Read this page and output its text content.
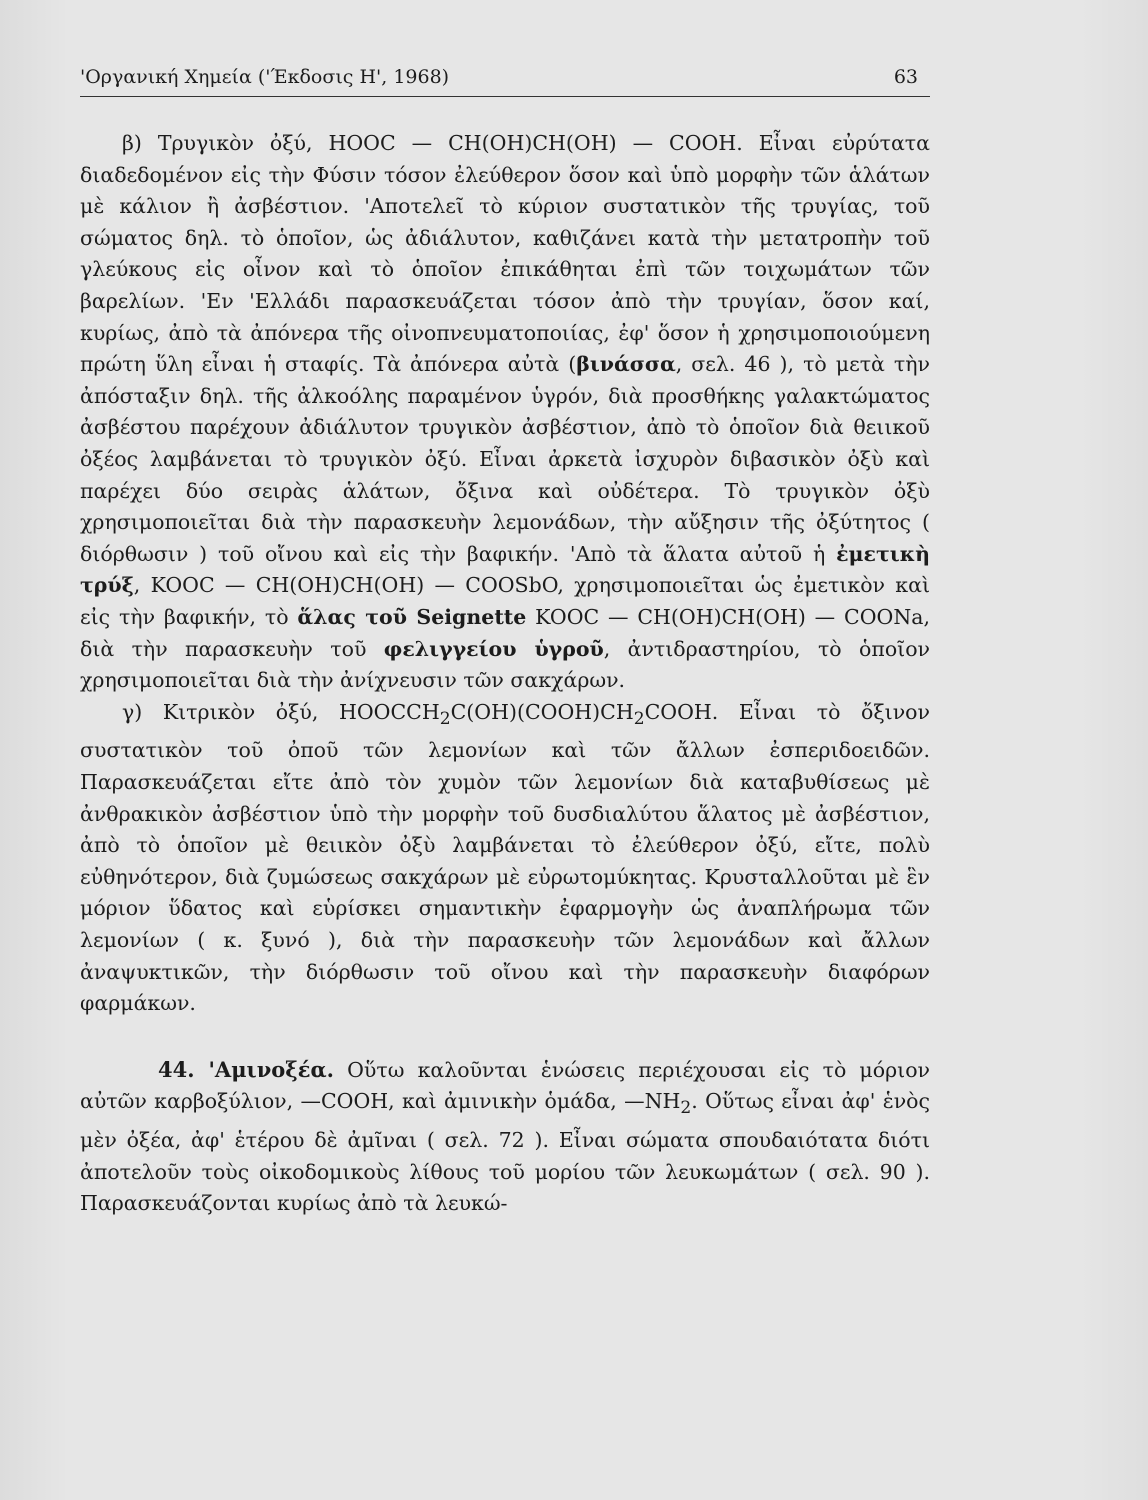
'Οργανική Χημεία ('Έκδοσις Η', 1968)	63

β) Τρυγικὸν ὀξύ, HOOC — CH(OH)CH(OH) — COOH. Εἶναι εὐρύτατα διαδεδομένον εἰς τὴν Φύσιν τόσον ἐλεύθερον ὅσον καὶ ὑπὸ μορφὴν τῶν ἁλάτων μὲ κάλιον ἢ ἀσβέστιον. 'Αποτελεῖ τὸ κύριον συστατικὸν τῆς τρυγίας, τοῦ σώματος δηλ. τὸ ὁποῖον, ὡς ἀδιάλυτον, καθιζάνει κατὰ τὴν μετατροπὴν τοῦ γλεύκους εἰς οἶνον καὶ τὸ ὁποῖον ἐπικάθηται ἐπὶ τῶν τοιχωμάτων τῶν βαρελίων. 'Εν 'Ελλάδι παρασκευάζεται τόσον ἀπὸ τὴν τρυγίαν, ὅσον καί, κυρίως, ἀπὸ τὰ ἀπόνερα τῆς οἰνοπνευματοποιίας, ἐφ' ὅσον ἡ χρησιμοποιούμενη πρώτη ὕλη εἶναι ἡ σταφίς. Τὰ ἀπόνερα αὐτὰ (βινάσσα, σελ. 46 ), τὸ μετὰ τὴν ἀπόσταξιν δηλ. τῆς ἀλκοόλης παραμένον ὑγρόν, διὰ προσθήκης γαλακτώματος ἀσβέστου παρέχουν ἀδιάλυτον τρυγικὸν ἀσβέστιον, ἀπὸ τὸ ὁποῖον διὰ θειικοῦ ὀξέος λαμβάνεται τὸ τρυγικὸν ὀξύ. Εἶναι ἀρκετὰ ἰσχυρὸν διβασικὸν ὀξὺ καὶ παρέχει δύο σειρὰς ἁλάτων, ὄξινα καὶ οὐδέτερα. Τὸ τρυγικὸν ὀξὺ χρησιμοποιεῖται διὰ τὴν παρασκευὴν λεμονάδων, τὴν αὔξησιν τῆς ὀξύτητος ( διόρθωσιν ) τοῦ οἴνου καὶ εἰς τὴν βαφικήν. 'Απὸ τὰ ἅλατα αὐτοῦ ἡ ἐμετικὴ τρύξ, KOOC — CH(OH)CH(OH) — COOSbO, χρησιμοποιεῖται ὡς ἐμετικὸν καὶ εἰς τὴν βαφικήν, τὸ ἅλας τοῦ Seignette KOOC — CH(OH)CH(OH) — COONa, διὰ τὴν παρασκευὴν τοῦ φελιγγείου ὑγροῦ, ἀντιδραστηρίου, τὸ ὁποῖον χρησιμοποιεῖται διὰ τὴν ἀνίχνευσιν τῶν σακχάρων.

γ) Κιτρικὸν ὀξύ, $HOOCCH_2C(OH)(COOH)CH_2COOH$. Εἶναι τὸ ὄξινον συστατικὸν τοῦ ὀποῦ τῶν λεμονίων καὶ τῶν ἄλλων ἐσπεριδοειδῶν. Παρασκευάζεται εἴτε ἀπὸ τὸν χυμὸν τῶν λεμονίων διὰ καταβυθίσεως μὲ ἀνθρακικὸν ἀσβέστιον ὑπὸ τὴν μορφὴν τοῦ δυσδιαλύτου ἅλατος μὲ ἀσβέστιον, ἀπὸ τὸ ὁποῖον μὲ θειικὸν ὀξὺ λαμβάνεται τὸ ἐλεύθερον ὀξύ, εἴτε, πολὺ εὐθηνότερον, διὰ ζυμώσεως σακχάρων μὲ εὐρωτομύκητας. Κρυσταλλοῦται μὲ ἓν μόριον ὕδατος καὶ εὑρίσκει σημαντικὴν ἐφαρμογὴν ὡς ἀναπλήρωμα τῶν λεμονίων ( κ. ξυνό ), διὰ τὴν παρασκευὴν τῶν λεμονάδων καὶ ἄλλων ἀναψυκτικῶν, τὴν διόρθωσιν τοῦ οἴνου καὶ τὴν παρασκευὴν διαφόρων φαρμάκων.

44. 'Αμινοξέα. Οὕτω καλοῦνται ἑνώσεις περιέχουσαι εἰς τὸ μόριον αὐτῶν καρβοξύλιον, —COOH, καὶ ἀμινικὴν ὁμάδα, $—NH_2$. Οὕτως εἶναι ἀφ' ἑνὸς μὲν ὀξέα, ἀφ' ἑτέρου δὲ ἀμῖναι ( σελ. 72 ). Εἶναι σώματα σπουδαιότατα διότι ἀποτελοῦν τοὺς οἰκοδομικοὺς λίθους τοῦ μορίου τῶν λευκωμάτων ( σελ. 90 ). Παρασκευάζονται κυρίως ἀπὸ τὰ λευκώ-
